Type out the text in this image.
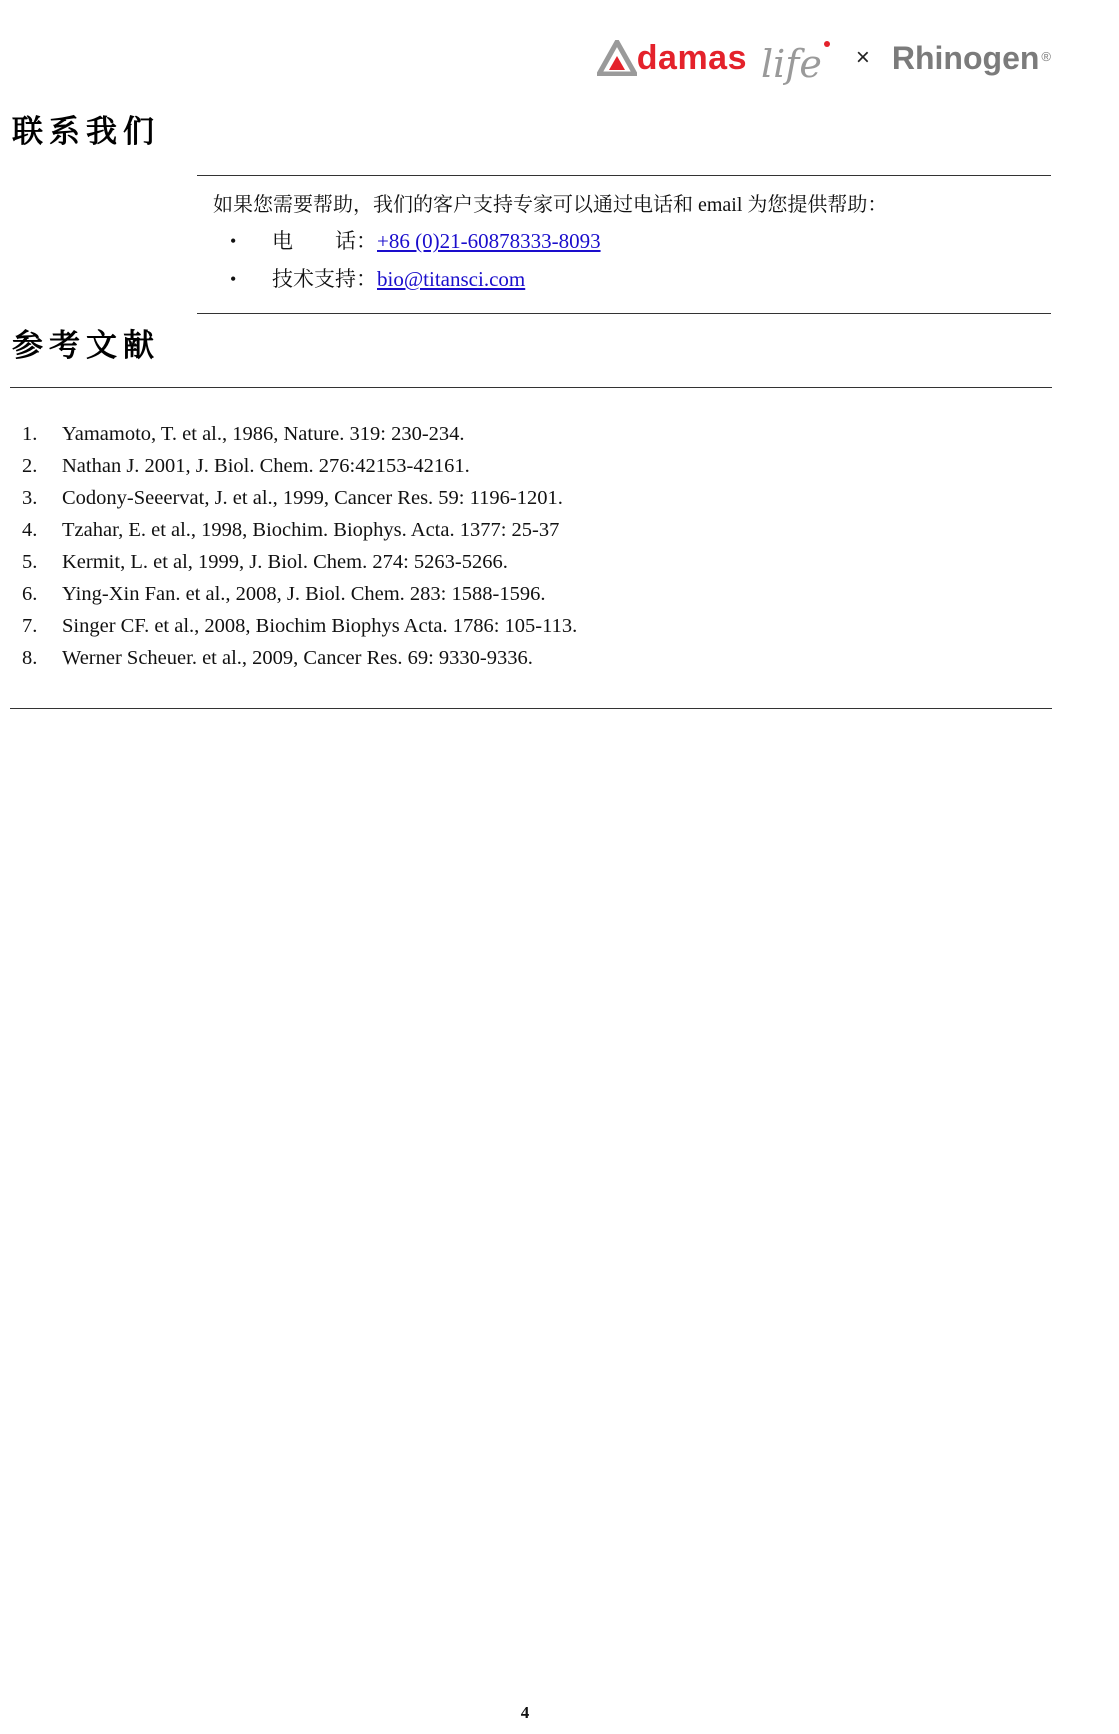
damas life × Rhinogen ®
联系我们
如果您需要帮助，我们的客户支持专家可以通过电话和 email 为您提供帮助：
•	电　　话： +86 (0)21-60878333-8093
•	技术支持： bio@titansci.com
参考文献
1.	Yamamoto, T. et al., 1986, Nature. 319: 230-234.
2.	Nathan J. 2001, J. Biol. Chem. 276:42153-42161.
3.	Codony-Seeervat, J. et al., 1999, Cancer Res. 59: 1196-1201.
4.	Tzahar, E. et al., 1998, Biochim. Biophys. Acta. 1377: 25-37
5.	Kermit, L. et al, 1999, J. Biol. Chem. 274: 5263-5266.
6.	Ying-Xin Fan. et al., 2008, J. Biol. Chem. 283: 1588-1596.
7.	Singer CF. et al., 2008, Biochim Biophys Acta. 1786: 105-113.
8.	Werner Scheuer. et al., 2009, Cancer Res. 69: 9330-9336.
4
